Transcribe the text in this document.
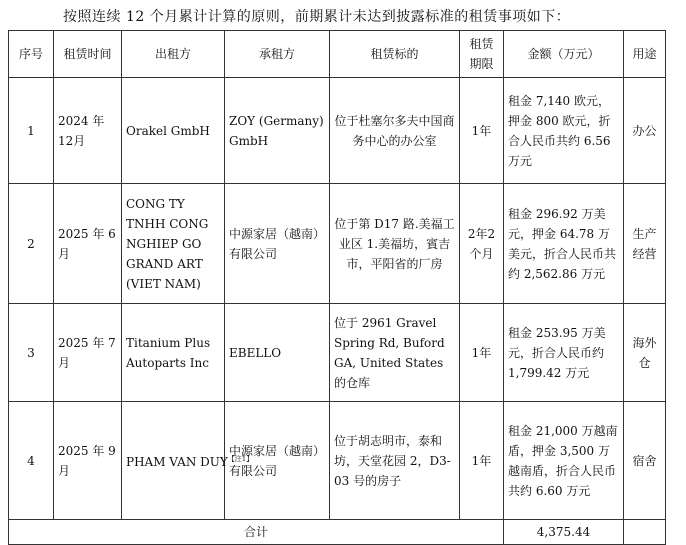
按照连续 12 个月累计计算的原则，前期累计未达到披露标准的租赁事项如下：
序号	租赁时间	出租方	承租方	租赁标的	租赁期限	金额（万元）	用途
1	2024 年 12月	Orakel GmbH	ZOY (Germany) GmbH	位于杜塞尔多夫中国商务中心的办公室	1年	租金 7,140 欧元，押金 800 欧元，折合人民币共约 6.56 万元	办公
2	2025 年 6月	CONG TY TNHH CONG NGHIEP GO GRAND ART (VIET NAM)	中源家居（越南）有限公司	位于第 D17 路.美福工业区 1.美福坊，賓吉市，平阳省的厂房	2年2个月	租金 296.92 万美元，押金 64.78 万美元，折合人民币共约 2,562.86 万元	生产经营
3	2025 年 7月	Titanium Plus Autoparts Inc	EBELLO	位于 2961 Gravel Spring Rd, Buford GA, United States 的仓库	1年	租金 253.95 万美元，折合人民币约 1,799.42 万元	海外仓
4	2025 年 9月	PHAM VAN $DUY^{【注1】}$	中源家居（越南）有限公司	位于胡志明市，泰和坊，天堂花园 2，D3-03 号的房子	1年	租金 21,000 万越南盾，押金 3,500 万越南盾，折合人民币共约 6.60 万元	宿舍
合计						4,375.44	
